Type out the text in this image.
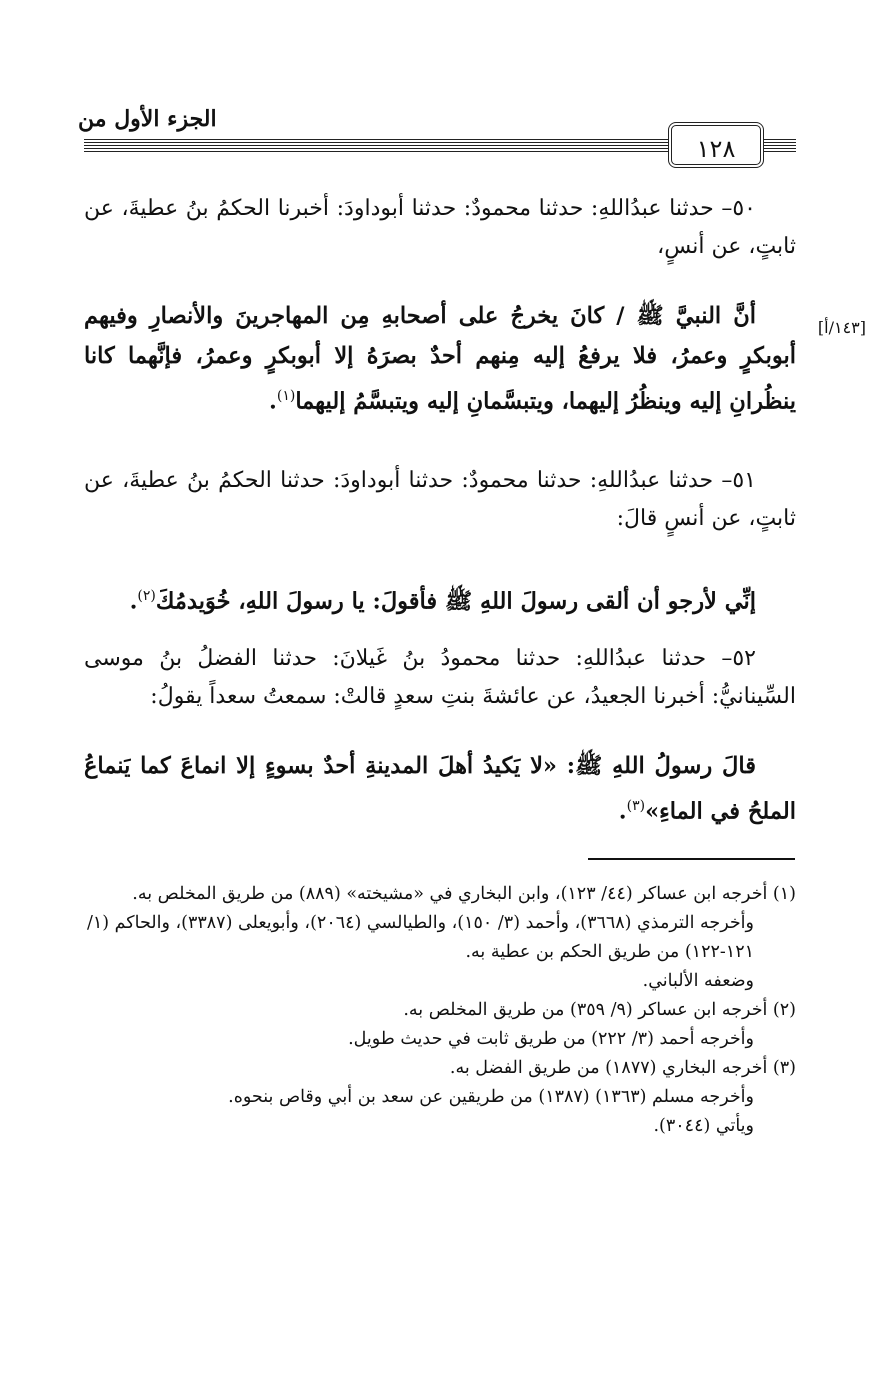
الجزء الأول من
١٢٨

٥٠– حدثنا عبدُاللهِ: حدثنا محمودٌ: حدثنا أبوداودَ: أخبرنا الحكمُ بنُ عطيةَ، عن ثابتٍ، عن أنسٍ،

أنَّ النبيَّ ﷺ / كانَ يخرجُ على أصحابهِ مِن المهاجرينَ والأنصارِ وفيهم أبوبكرٍ وعمرُ، فلا يرفعُ إليه مِنهم أحدٌ بصرَهُ إلا أبوبكرٍ وعمرُ، فإنَّهما كانا ينظُرانِ إليه وينظُرُ إليهما، ويتبسَّمانِ إليه ويتبسَّمُ إليهما$^{(١)}$.

[١٤٣/أ]

٥١– حدثنا عبدُاللهِ: حدثنا محمودٌ: حدثنا أبوداودَ: حدثنا الحكمُ بنُ عطيةَ، عن ثابتٍ، عن أنسٍ قالَ:

إنِّي لأرجو أن ألقى رسولَ اللهِ ﷺ فأقولَ: يا رسولَ اللهِ، خُوَيدمُكَ$^{(٢)}$.

٥٢– حدثنا عبدُاللهِ: حدثنا محمودُ بنُ غَيلانَ: حدثنا الفضلُ بنُ موسى السِّينانيُّ: أخبرنا الجعيدُ، عن عائشةَ بنتِ سعدٍ قالتْ: سمعتُ سعداً يقولُ:

قالَ رسولُ اللهِ ﷺ: «لا يَكيدُ أهلَ المدينةِ أحدٌ بسوءٍ إلا انماعَ كما يَنماعُ الملحُ في الماءِ»$^{(٣)}$.

(١) أخرجه ابن عساكر (٤٤/ ١٢٣)، وابن البخاري في «مشيخته» (٨٨٩) من طريق المخلص به.

وأخرجه الترمذي (٣٦٦٨)، وأحمد (٣/ ١٥٠)، والطيالسي (٢٠٦٤)، وأبويعلى (٣٣٨٧)، والحاكم (١/ ١٢١-١٢٢) من طريق الحكم بن عطية به.

وضعفه الألباني.

(٢) أخرجه ابن عساكر (٩/ ٣٥٩) من طريق المخلص به.

وأخرجه أحمد (٣/ ٢٢٢) من طريق ثابت في حديث طويل.

(٣) أخرجه البخاري (١٨٧٧) من طريق الفضل به.

وأخرجه مسلم (١٣٦٣) (١٣٨٧) من طريقين عن سعد بن أبي وقاص بنحوه.

ويأتي (٣٠٤٤).
